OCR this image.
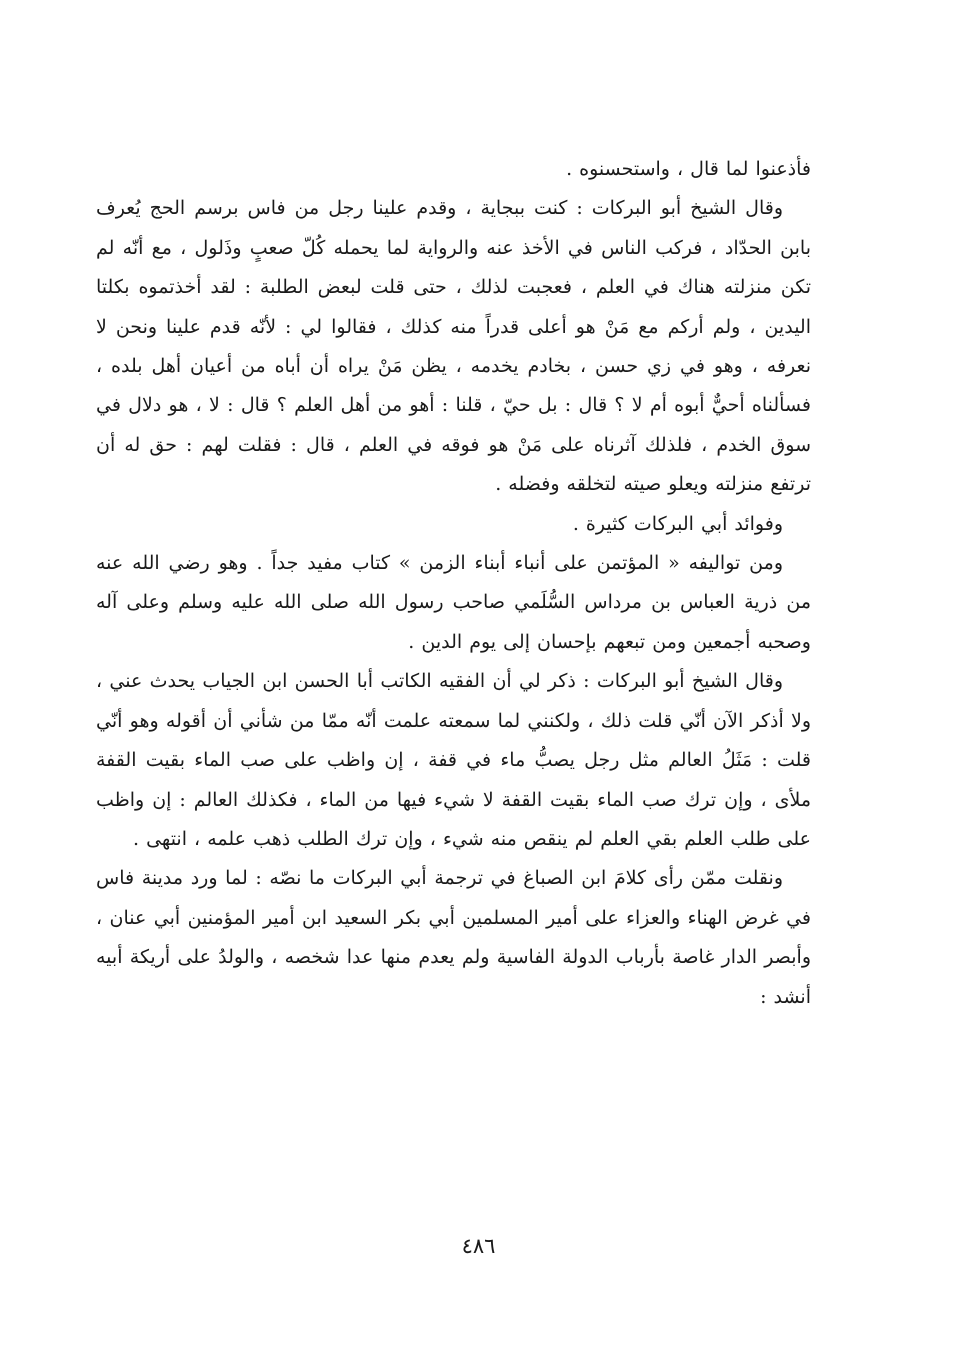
فأذعنوا لما قال ، واستحسنوه .

وقال الشيخ أبو البركات : كنت ببجاية ، وقدم علينا رجل من فاس برسم الحج يُعرف بابن الحدّاد ، فركب الناس في الأخذ عنه والرواية لما يحمله كُلّ صعبٍ وذَلول ، مع أنّه لم تكن منزلته هناك في العلم ، فعجبت لذلك ، حتى قلت لبعض الطلبة : لقد أخذتموه بكلتا اليدين ، ولم أركم مع مَنْ هو أعلى قدراً منه كذلك ، فقالوا لي : لأنّه قدم علينا ونحن لا نعرفه ، وهو في زي حسن ، بخادم يخدمه ، يظن مَنْ يراه أن أباه من أعيان أهل بلده ، فسألناه أحيٌّ أبوه أم لا ؟ قال : بل حيّ ، قلنا : أهو من أهل العلم ؟ قال : لا ، هو دلال في سوق الخدم ، فلذلك آثرناه على مَنْ هو فوقه في العلم ، قال : فقلت لهم : حق له أن ترتفع منزلته ويعلو صيته لتخلقه وفضله .

وفوائد أبي البركات كثيرة .

ومن تواليفه « المؤتمن على أنباء أبناء الزمن » كتاب مفيد جداً . وهو رضي الله عنه من ذرية العباس بن مرداس السُّلَمي صاحب رسول الله صلى الله عليه وسلم وعلى آله وصحبه أجمعين ومن تبعهم بإحسان إلى يوم الدين .

وقال الشيخ أبو البركات : ذكر لي أن الفقيه الكاتب أبا الحسن ابن الجياب يحدث عني ، ولا أذكر الآن أنّي قلت ذلك ، ولكنني لما سمعته علمت أنّه ممّا من شأني أن أقوله وهو أنّي قلت : مَثَلُ العالم مثل رجل يصبُّ ماء في قفة ، إن واظب على صب الماء بقيت القفة ملأى ، وإن ترك صب الماء بقيت القفة لا شيء فيها من الماء ، فكذلك العالم : إن واظب على طلب العلم بقي العلم لم ينقص منه شيء ، وإن ترك الطلب ذهب علمه ، انتهى .

ونقلت ممّن رأى كلامَ ابن الصباغ في ترجمة أبي البركات ما نصّه : لما ورد مدينة فاس في غرض الهناء والعزاء على أمير المسلمين أبي بكر السعيد ابن أمير المؤمنين أبي عنان ، وأبصر الدار غاصة بأرباب الدولة الفاسية ولم يعدم منها عدا شخصه ، والولدُ على أريكة أبيه أنشد :

٤٨٦
